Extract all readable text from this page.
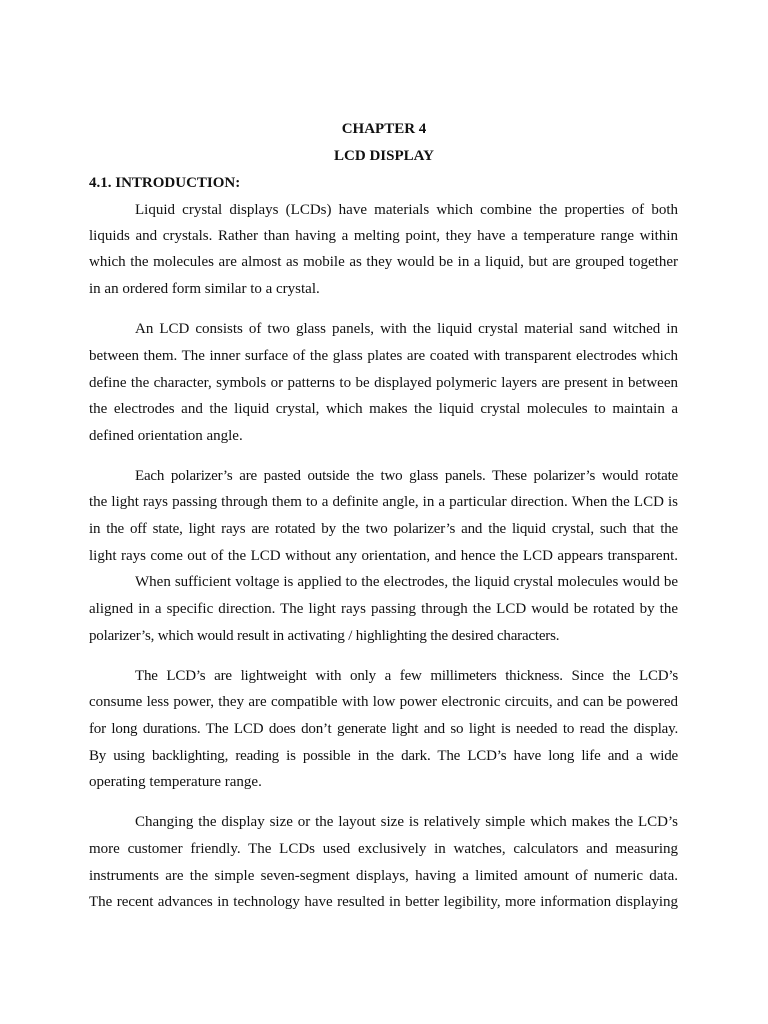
CHAPTER 4
LCD DISPLAY
4.1. INTRODUCTION:
Liquid crystal displays (LCDs) have materials which combine the properties of both
liquids and crystals. Rather than having a melting point, they have a temperature range within
which the molecules are almost as mobile as they would be in a liquid, but are grouped together
in an ordered form similar to a crystal.
An LCD consists of two glass panels, with the liquid crystal material sand witched in
between them. The inner surface of the glass plates are coated with transparent electrodes which
define the character, symbols or patterns to be displayed polymeric layers are present in between
the electrodes and the liquid crystal, which makes the liquid crystal molecules to maintain a
defined orientation angle.
Each polarizer’s are pasted outside the two glass panels. These polarizer’s would rotate
the light rays passing through them to a definite angle, in a particular direction. When the LCD is
in the off state, light rays are rotated by the two polarizer’s and the liquid crystal, such that the
light rays come out of the LCD without any orientation, and hence the LCD appears transparent.
When sufficient voltage is applied to the electrodes, the liquid crystal molecules would be
aligned in a specific direction. The light rays passing through the LCD would be rotated by the
polarizer’s, which would result in activating / highlighting the desired characters.
The LCD’s are lightweight with only a few millimeters thickness. Since the LCD’s
consume less power, they are compatible with low power electronic circuits, and can be powered
for long durations. The LCD does don’t generate light and so light is needed to read the display.
By using backlighting, reading is possible in the dark. The LCD’s have long life and a wide
operating temperature range.
Changing the display size or the layout size is relatively simple which makes the LCD’s
more customer friendly. The LCDs used exclusively in watches, calculators and measuring
instruments are the simple seven-segment displays, having a limited amount of numeric data.
The recent advances in technology have resulted in better legibility, more information displaying
